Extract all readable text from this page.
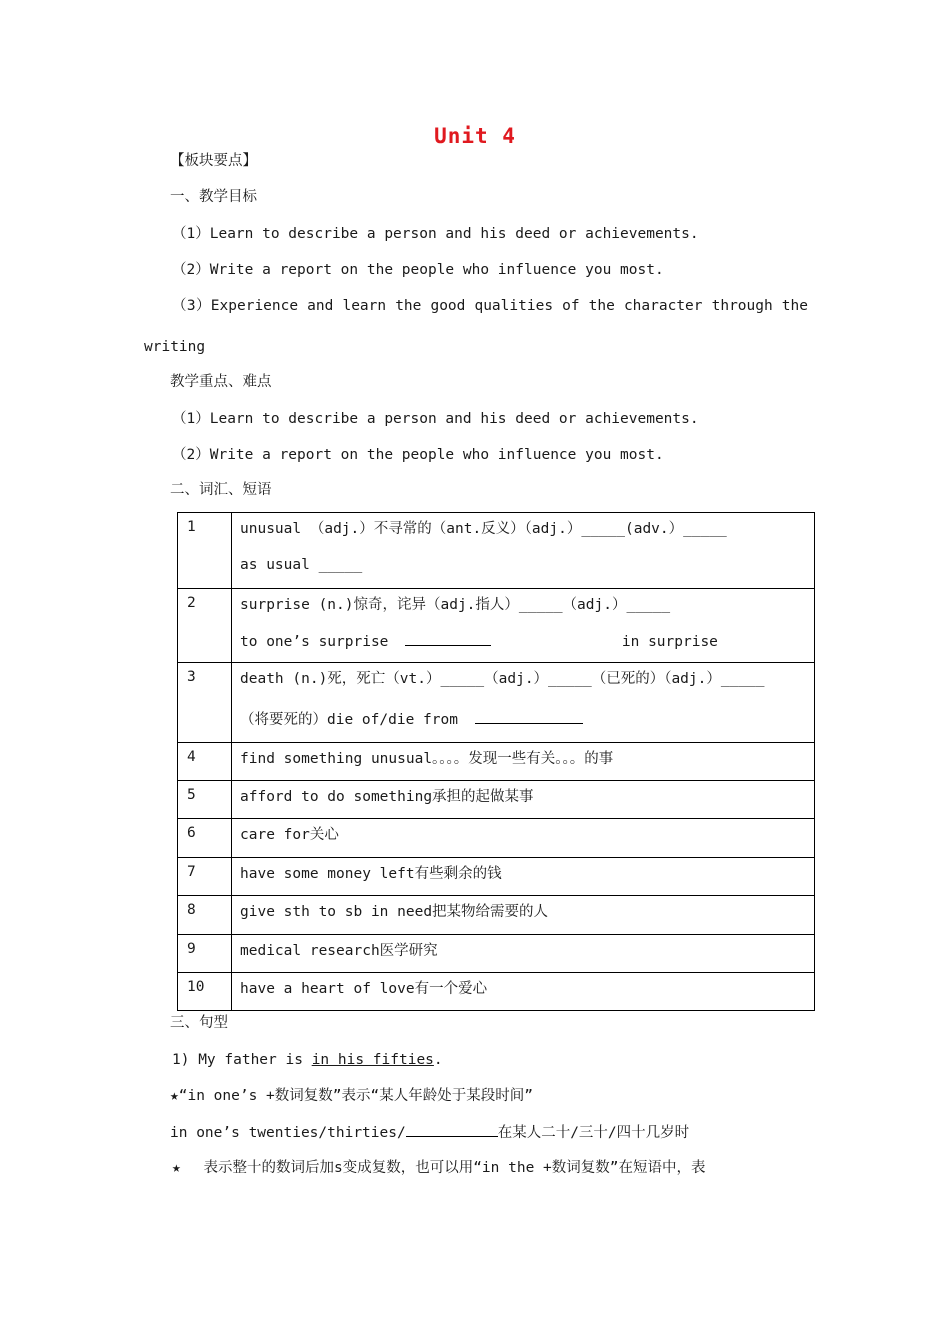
Unit 4
【板块要点】
一、教学目标
（1）Learn to describe a person and his deed or achievements.
（2）Write a report on the people who influence you most.
（3）Experience and learn the good qualities of the character through the
writing
教学重点、难点
（1）Learn to describe a person and his deed or achievements.
（2）Write a report on the people who influence you most.
二、词汇、短语
1	unusual （adj.）不寻常的（ant.反义）（adj.）_____(adv.）_____
as usual _____

2	surprise (n.)惊奇，诧异（adj.指人）_____（adj.）_____
to one’s surprise in surprise

3	death (n.)死，死亡（vt.）_____（adj.）_____（已死的）（adj.）_____
（将要死的）die of/die from

4	find something unusual。。。。发现一些有关。。。的事

5	afford to do something承担的起做某事

6	care for关心

7	have some money left有些剩余的钱

8	give sth to sb in need把某物给需要的人

9	medical research医学研究

10	have a heart of love有一个爱心
三、句型
1) My father is in his fifties.
★“in one’s +数词复数”表示“某人年龄处于某段时间”
in one’s twenties/thirties/	在某人二十/三十/四十几岁时
★ 表示整十的数词后加s变成复数，也可以用“in the +数词复数”在短语中，表
